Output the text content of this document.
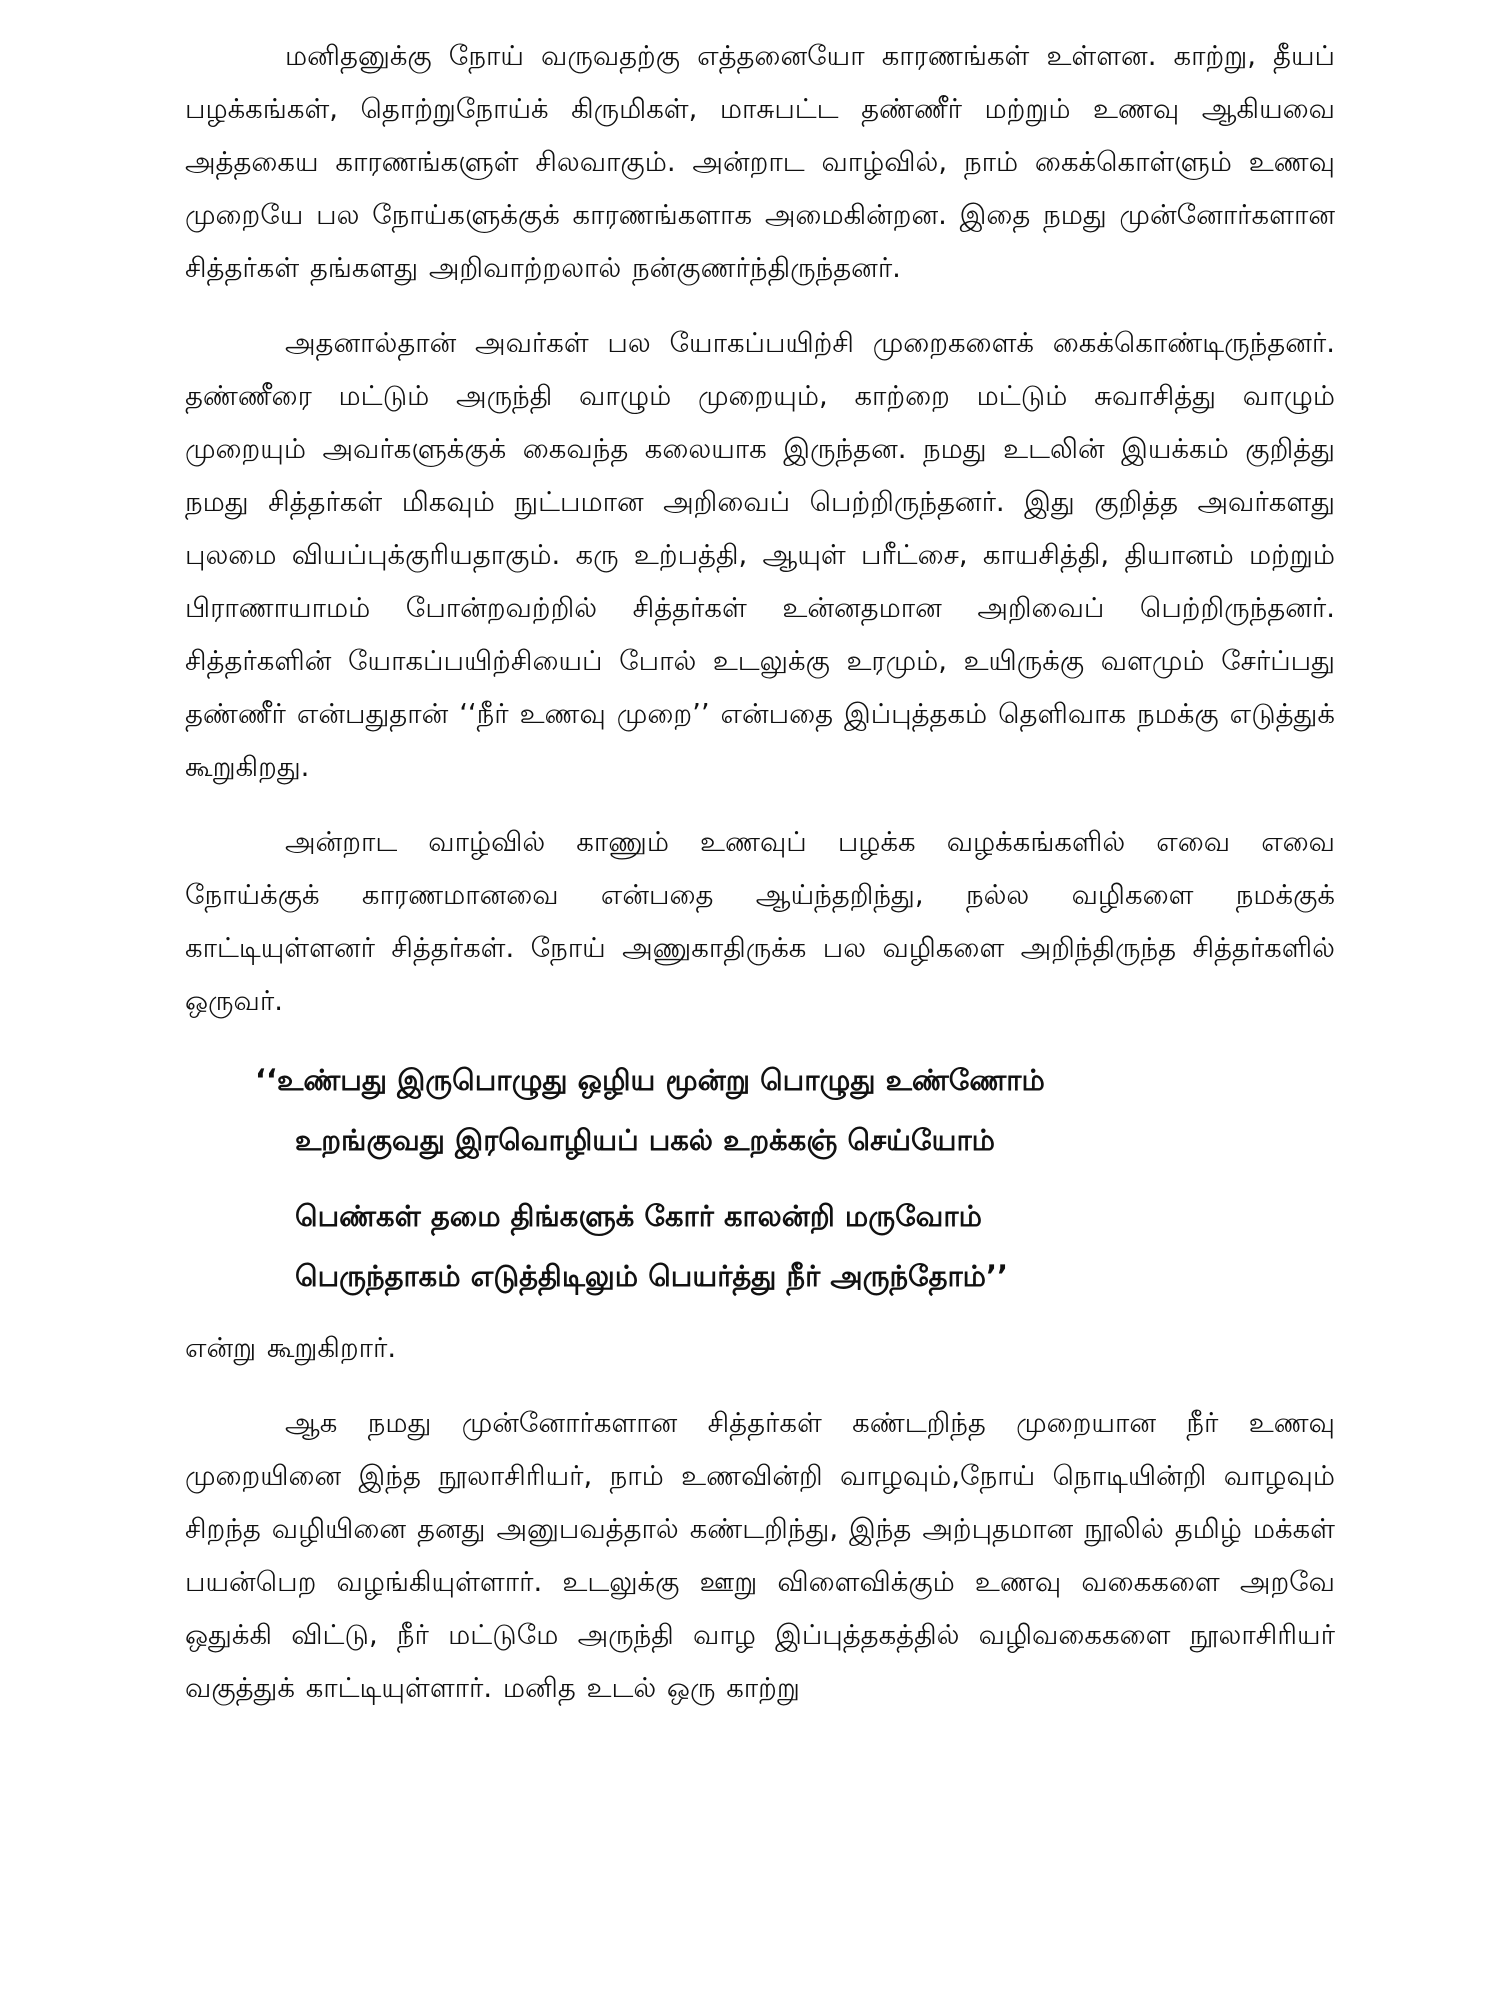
மனிதனுக்கு நோய் வருவதற்கு எத்தனையோ காரணங்கள் உள்ளன. காற்று, தீயப் பழக்கங்கள், தொற்றுநோய்க் கிருமிகள், மாசுபட்ட தண்ணீர் மற்றும் உணவு ஆகியவை அத்தகைய காரணங்களுள் சிலவாகும். அன்றாட வாழ்வில், நாம் கைக்கொள்ளும் உணவு முறையே பல நோய்களுக்குக் காரணங்களாக அமைகின்றன. இதை நமது முன்னோர்களான சித்தர்கள் தங்களது அறிவாற்றலால் நன்குணர்ந்திருந்தனர்.

அதனால்தான் அவர்கள் பல யோகப்பயிற்சி முறைகளைக் கைக்கொண்டிருந்தனர். தண்ணீரை மட்டும் அருந்தி வாழும் முறையும், காற்றை மட்டும் சுவாசித்து வாழும் முறையும் அவர்களுக்குக் கைவந்த கலையாக இருந்தன. நமது உடலின் இயக்கம் குறித்து நமது சித்தர்கள் மிகவும் நுட்பமான அறிவைப் பெற்றிருந்தனர். இது குறித்த அவர்களது புலமை வியப்புக்குரியதாகும். கரு உற்பத்தி, ஆயுள் பரீட்சை, காயசித்தி, தியானம் மற்றும் பிராணாயாமம் போன்றவற்றில் சித்தர்கள் உன்னதமான அறிவைப் பெற்றிருந்தனர். சித்தர்களின் யோகப்பயிற்சியைப் போல் உடலுக்கு உரமும், உயிருக்கு வளமும் சேர்ப்பது தண்ணீர் என்பதுதான் ‘‘நீர் உணவு முறை’’ என்பதை இப்புத்தகம் தெளிவாக நமக்கு எடுத்துக் கூறுகிறது.

அன்றாட வாழ்வில் காணும் உணவுப் பழக்க வழக்கங்களில் எவை எவை நோய்க்குக் காரணமானவை என்பதை ஆய்ந்தறிந்து, நல்ல வழிகளை நமக்குக் காட்டியுள்ளனர் சித்தர்கள். நோய் அணுகாதிருக்க பல வழிகளை அறிந்திருந்த சித்தர்களில் ஒருவர்.

‘‘உண்பது இருபொழுது ஒழிய மூன்று பொழுது உண்ணோம்
உறங்குவது இரவொழியப் பகல் உறக்கஞ் செய்யோம்
பெண்கள் தமை திங்களுக் கோர் காலன்றி மருவோம்
பெருந்தாகம் எடுத்திடிலும் பெயர்த்து நீர் அருந்தோம்’’

என்று கூறுகிறார்.

ஆக நமது முன்னோர்களான சித்தர்கள் கண்டறிந்த முறையான நீர் உணவு முறையினை இந்த நூலாசிரியர், நாம் உணவின்றி வாழவும்,நோய் நொடியின்றி வாழவும் சிறந்த வழியினை தனது அனுபவத்தால் கண்டறிந்து, இந்த அற்புதமான நூலில் தமிழ் மக்கள் பயன்பெற வழங்கியுள்ளார். உடலுக்கு ஊறு விளைவிக்கும் உணவு வகைகளை அறவே ஒதுக்கி விட்டு, நீர் மட்டுமே அருந்தி வாழ இப்புத்தகத்தில் வழிவகைகளை நூலாசிரியர் வகுத்துக் காட்டியுள்ளார். மனித உடல் ஒரு காற்று
